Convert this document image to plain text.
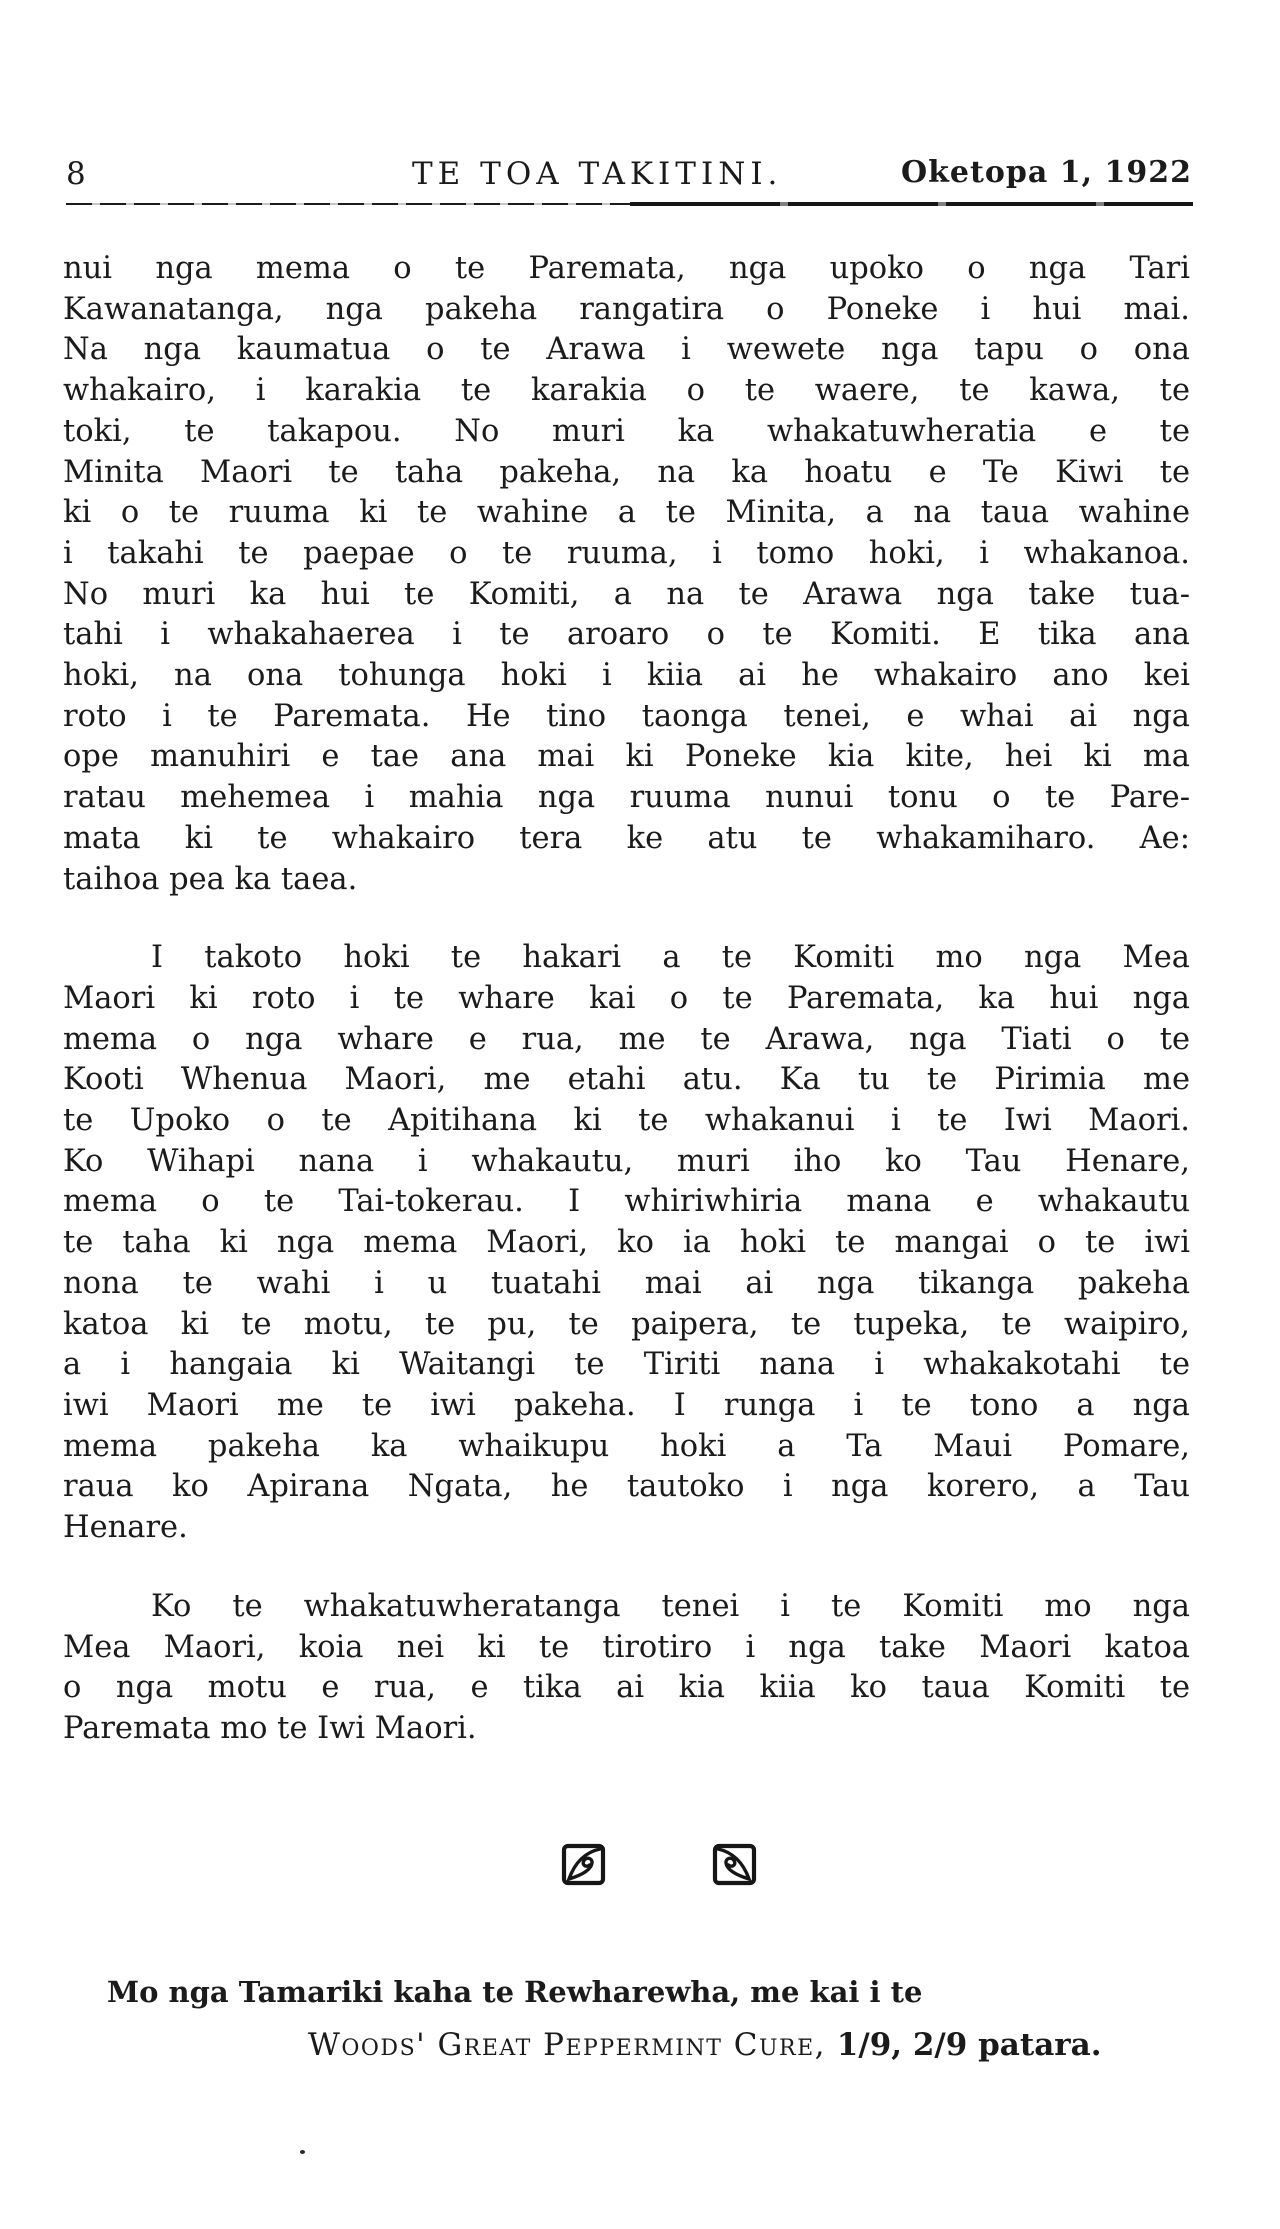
8	TE TOA TAKITINI.	Oketopa 1, 1922
nui nga mema o te Paremata, nga upoko o nga Tari
Kawanatanga, nga pakeha rangatira o Poneke i hui mai.
Na nga kaumatua o te Arawa i wewete nga tapu o ona
whakairo, i karakia te karakia o te waere, te kawa, te
toki, te takapou. No muri ka whakatuwheratia e te
Minita Maori te taha pakeha, na ka hoatu e Te Kiwi te
ki o te ruuma ki te wahine a te Minita, a na taua wahine
i takahi te paepae o te ruuma, i tomo hoki, i whakanoa.
No muri ka hui te Komiti, a na te Arawa nga take tua-
tahi i whakahaerea i te aroaro o te Komiti. E tika ana
hoki, na ona tohunga hoki i kiia ai he whakairo ano kei
roto i te Paremata. He tino taonga tenei, e whai ai nga
ope manuhiri e tae ana mai ki Poneke kia kite, hei ki ma
ratau mehemea i mahia nga ruuma nunui tonu o te Pare-
mata ki te whakairo tera ke atu te whakamiharo. Ae:
taihoa pea ka taea.
I takoto hoki te hakari a te Komiti mo nga Mea
Maori ki roto i te whare kai o te Paremata, ka hui nga
mema o nga whare e rua, me te Arawa, nga Tiati o te
Kooti Whenua Maori, me etahi atu. Ka tu te Pirimia me
te Upoko o te Apitihana ki te whakanui i te Iwi Maori.
Ko Wihapi nana i whakautu, muri iho ko Tau Henare,
mema o te Tai-tokerau. I whiriwhiria mana e whakautu
te taha ki nga mema Maori, ko ia hoki te mangai o te iwi
nona te wahi i u tuatahi mai ai nga tikanga pakeha
katoa ki te motu, te pu, te paipera, te tupeka, te waipiro,
a i hangaia ki Waitangi te Tiriti nana i whakakotahi te
iwi Maori me te iwi pakeha. I runga i te tono a nga
mema pakeha ka whaikupu hoki a Ta Maui Pomare,
raua ko Apirana Ngata, he tautoko i nga korero, a Tau
Henare.
Ko te whakatuwheratanga tenei i te Komiti mo nga
Mea Maori, koia nei ki te tirotiro i nga take Maori katoa
o nga motu e rua, e tika ai kia kiia ko taua Komiti te
Paremata mo te Iwi Maori.
Mo nga Tamariki kaha te Rewharewha, me kai i te
Woods' Great Peppermint Cure, 1/9, 2/9 patara.
